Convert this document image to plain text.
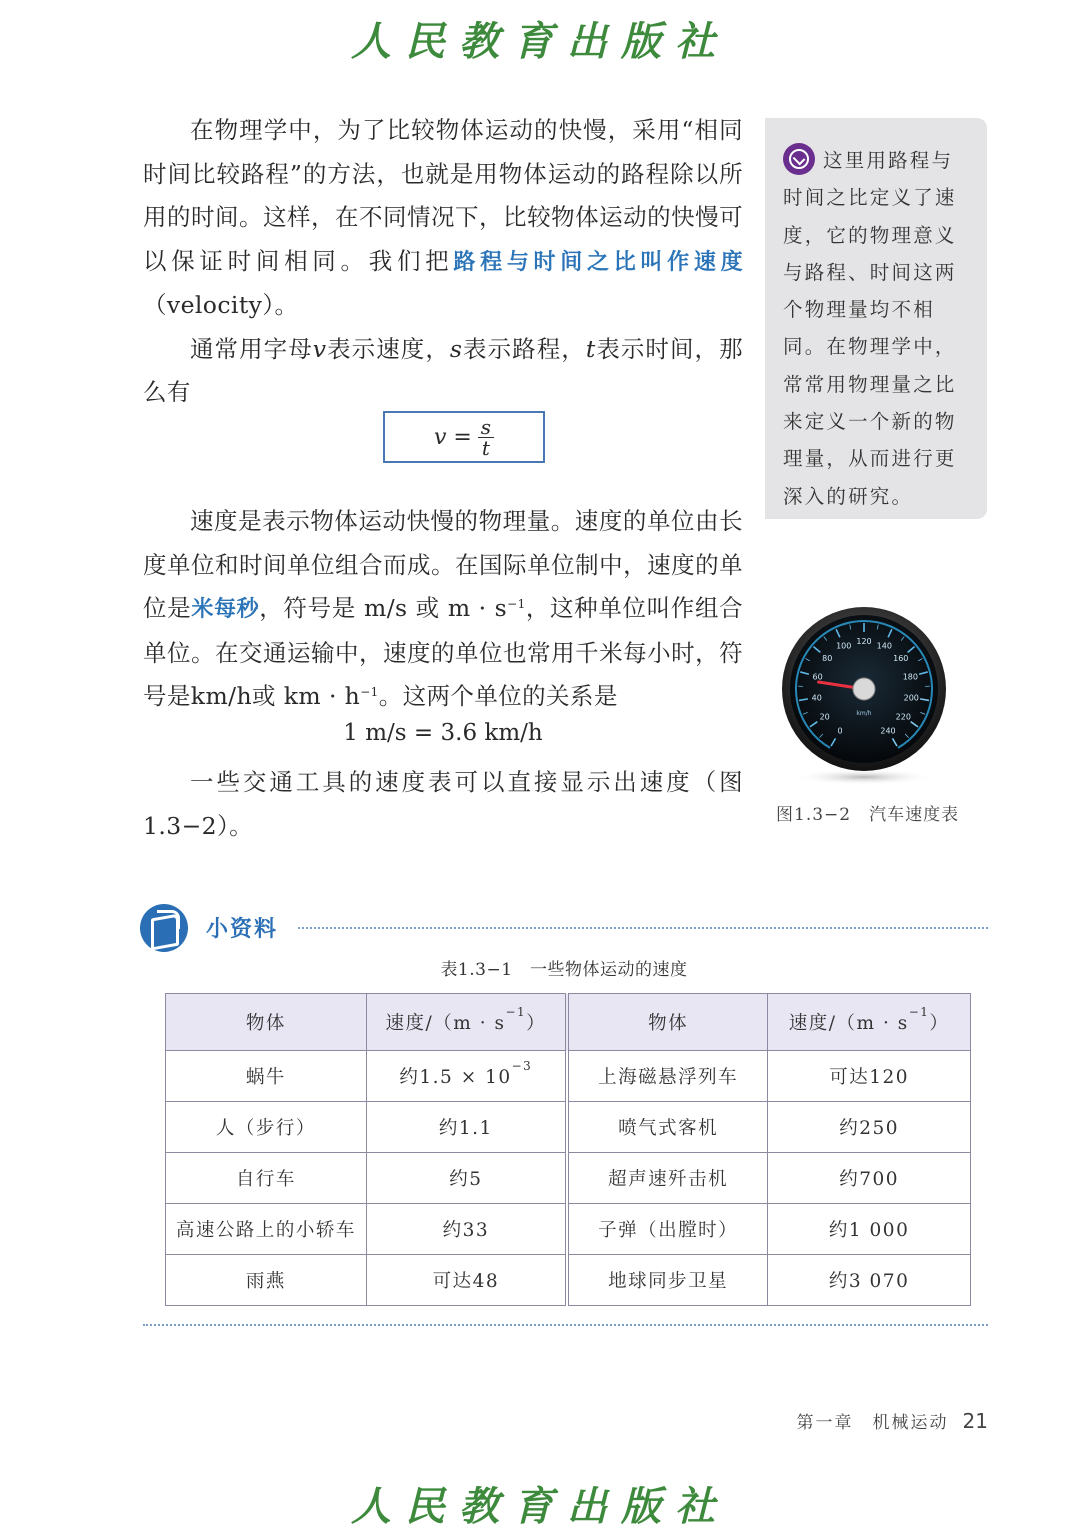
人民教育出版社

在物理学中，为了比较物体运动的快慢，采用“相同时间比较路程”的方法，也就是用物体运动的路程除以所用的时间。这样，在不同情况下，比较物体运动的快慢可以保证时间相同。我们把路程与时间之比叫作速度（velocity）。

通常用字母v表示速度，s表示路程，t表示时间，那么有

$v = \frac{s}{t}$

速度是表示物体运动快慢的物理量。速度的单位由长度单位和时间单位组合而成。在国际单位制中，速度的单位是米每秒，符号是 m/s 或 $m \cdot s^{-1}$，这种单位叫作组合单位。在交通运输中，速度的单位也常用千米每小时，符号是km/h或 km · $h^{-1}$。这两个单位的关系是

1 m/s = 3.6 km/h

一些交通工具的速度表可以直接显示出速度（图1.3−2）。

这里用路程与时间之比定义了速度，它的物理意义与路程、时间这两个物理量均不相同。在物理学中，常常用物理量之比来定义一个新的物理量，从而进行更深入的研究。
0
20
40
60
80
100 120 140
160
180
200
220
240
km/h
图1.3−2　汽车速度表
小资料
表1.3−1　一些物体运动的速度
物体	速度$/(m \cdot s^{-1})$	物体	速度$/(m \cdot s^{-1})$
蜗牛	约$1.5 \times 10^{-3}$	上海磁悬浮列车	可达120
人（步行）	约1.1	喷气式客机	约250
自行车	约5	超声速歼击机	约700
高速公路上的小轿车	约33	子弹（出膛时）	约1 000
雨燕	可达48	地球同步卫星	约3 070
第一章　机械运动 21
人民教育出版社
